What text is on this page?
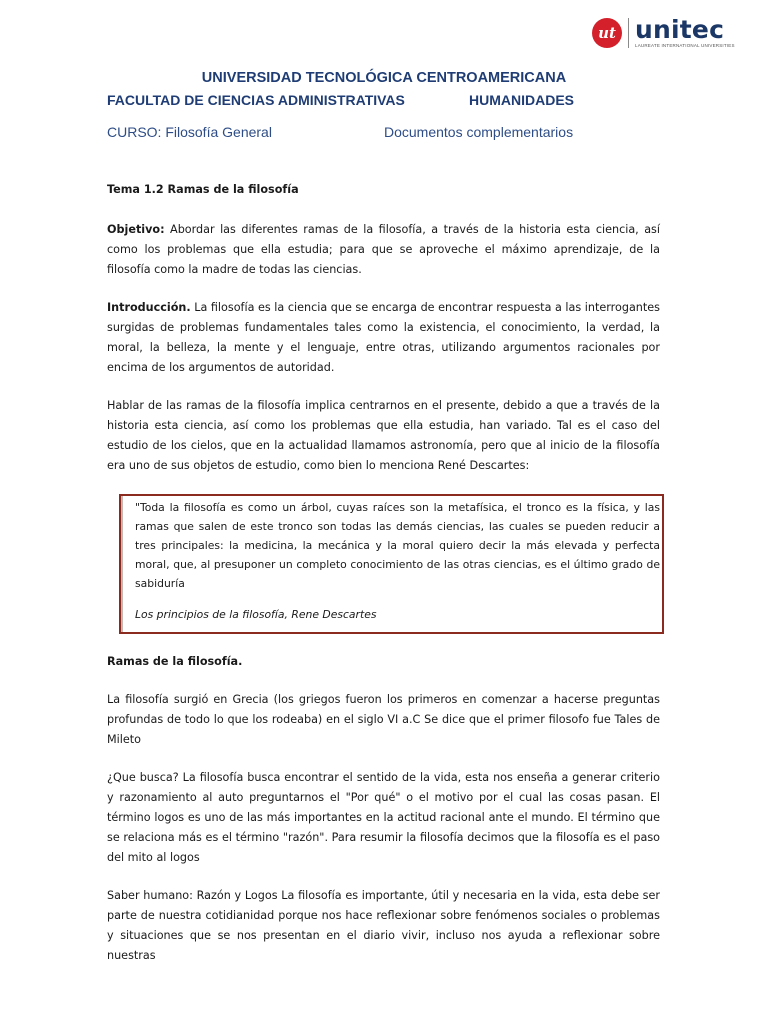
ut unitec
LAUREATE INTERNATIONAL UNIVERSITIES
UNIVERSIDAD TECNOLÓGICA CENTROAMERICANA
FACULTAD DE CIENCIAS ADMINISTRATIVAS	HUMANIDADES
CURSO: Filosofía General	Documentos complementarios

Tema 1.2 Ramas de la filosofía

Objetivo: Abordar las diferentes ramas de la filosofía, a través de la historia esta ciencia, así como los problemas que ella estudia; para que se aproveche el máximo aprendizaje, de la filosofía como la madre de todas las ciencias.

Introducción. La filosofía es la ciencia que se encarga de encontrar respuesta a las interrogantes surgidas de problemas fundamentales tales como la existencia, el conocimiento, la verdad, la moral, la belleza, la mente y el lenguaje, entre otras, utilizando argumentos racionales por encima de los argumentos de autoridad.

Hablar de las ramas de la filosofía implica centrarnos en el presente, debido a que a través de la historia esta ciencia, así como los problemas que ella estudia, han variado. Tal es el caso del estudio de los cielos, que en la actualidad llamamos astronomía, pero que al inicio de la filosofía era uno de sus objetos de estudio, como bien lo menciona René Descartes:

"Toda la filosofía es como un árbol, cuyas raíces son la metafísica, el tronco es la física, y las ramas que salen de este tronco son todas las demás ciencias, las cuales se pueden reducir a tres principales: la medicina, la mecánica y la moral quiero decir la más elevada y perfecta moral, que, al presuponer un completo conocimiento de las otras ciencias, es el último grado de sabiduría

Los principios de la filosofía, Rene Descartes

Ramas de la filosofía.

La filosofía surgió en Grecia (los griegos fueron los primeros en comenzar a hacerse preguntas profundas de todo lo que los rodeaba) en el siglo VI a.C Se dice que el primer filosofo fue Tales de Mileto

¿Que busca? La filosofía busca encontrar el sentido de la vida, esta nos enseña a generar criterio y razonamiento al auto preguntarnos el "Por qué" o el motivo por el cual las cosas pasan. El término logos es uno de las más importantes en la actitud racional ante el mundo. El término que se relaciona más es el término "razón". Para resumir la filosofía decimos que la filosofía es el paso del mito al logos

Saber humano: Razón y Logos La filosofía es importante, útil y necesaria en la vida, esta debe ser parte de nuestra cotidianidad porque nos hace reflexionar sobre fenómenos sociales o problemas y situaciones que se nos presentan en el diario vivir, incluso nos ayuda a reflexionar sobre nuestras
